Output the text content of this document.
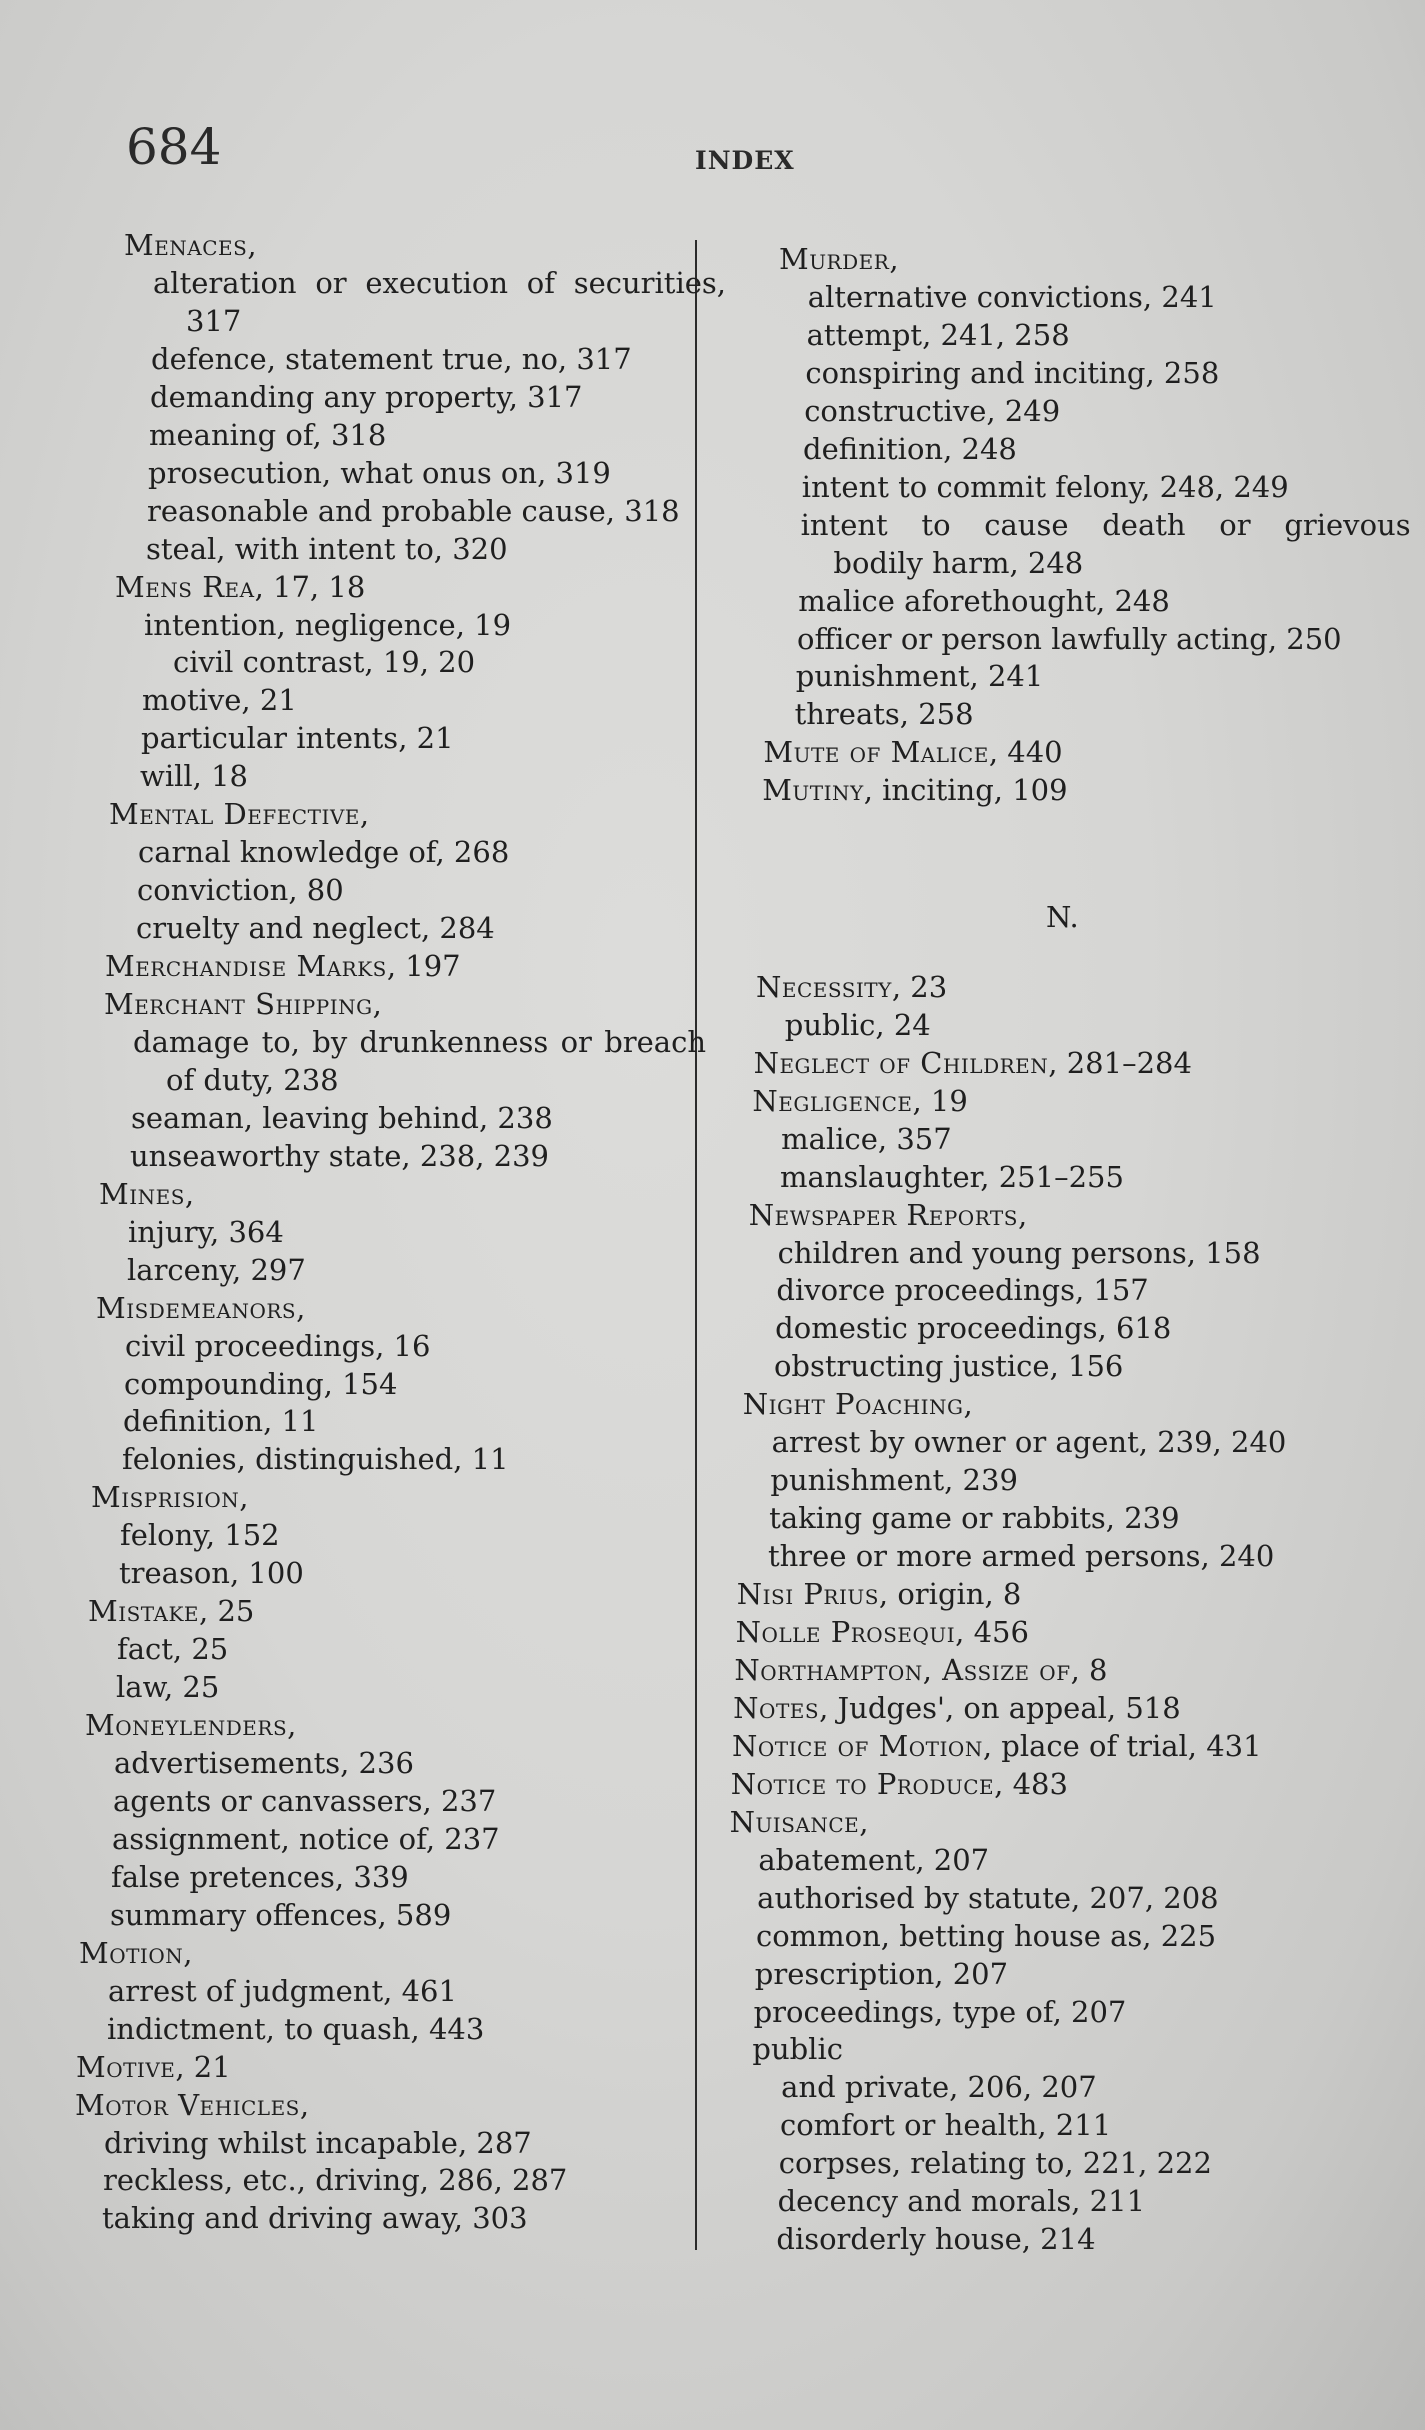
684	INDEX
Menaces,
alteration or execution of securities,
317
defence, statement true, no, 317
demanding any property, 317
meaning of, 318
prosecution, what onus on, 319
reasonable and probable cause, 318
steal, with intent to, 320
Mens Rea, 17, 18
intention, negligence, 19
civil contrast, 19, 20
motive, 21
particular intents, 21
will, 18
Mental Defective,
carnal knowledge of, 268
conviction, 80
cruelty and neglect, 284
Merchandise Marks, 197
Merchant Shipping,
damage to, by drunkenness or breach
of duty, 238
seaman, leaving behind, 238
unseaworthy state, 238, 239
Mines,
injury, 364
larceny, 297
Misdemeanors,
civil proceedings, 16
compounding, 154
definition, 11
felonies, distinguished, 11
Misprision,
felony, 152
treason, 100
Mistake, 25
fact, 25
law, 25
Moneylenders,
advertisements, 236
agents or canvassers, 237
assignment, notice of, 237
false pretences, 339
summary offences, 589
Motion,
arrest of judgment, 461
indictment, to quash, 443
Motive, 21
Motor Vehicles,
driving whilst incapable, 287
reckless, etc., driving, 286, 287
taking and driving away, 303
Murder,
alternative convictions, 241
attempt, 241, 258
conspiring and inciting, 258
constructive, 249
definition, 248
intent to commit felony, 248, 249
intent to cause death or grievous
bodily harm, 248
malice aforethought, 248
officer or person lawfully acting, 250
punishment, 241
threats, 258
Mute of Malice, 440
Mutiny, inciting, 109
N.
Necessity, 23
public, 24
Neglect of Children, 281–284
Negligence, 19
malice, 357
manslaughter, 251–255
Newspaper Reports,
children and young persons, 158
divorce proceedings, 157
domestic proceedings, 618
obstructing justice, 156
Night Poaching,
arrest by owner or agent, 239, 240
punishment, 239
taking game or rabbits, 239
three or more armed persons, 240
Nisi Prius, origin, 8
Nolle Prosequi, 456
Northampton, Assize of, 8
Notes, Judges', on appeal, 518
Notice of Motion, place of trial, 431
Notice to Produce, 483
Nuisance,
abatement, 207
authorised by statute, 207, 208
common, betting house as, 225
prescription, 207
proceedings, type of, 207
public
and private, 206, 207
comfort or health, 211
corpses, relating to, 221, 222
decency and morals, 211
disorderly house, 214
